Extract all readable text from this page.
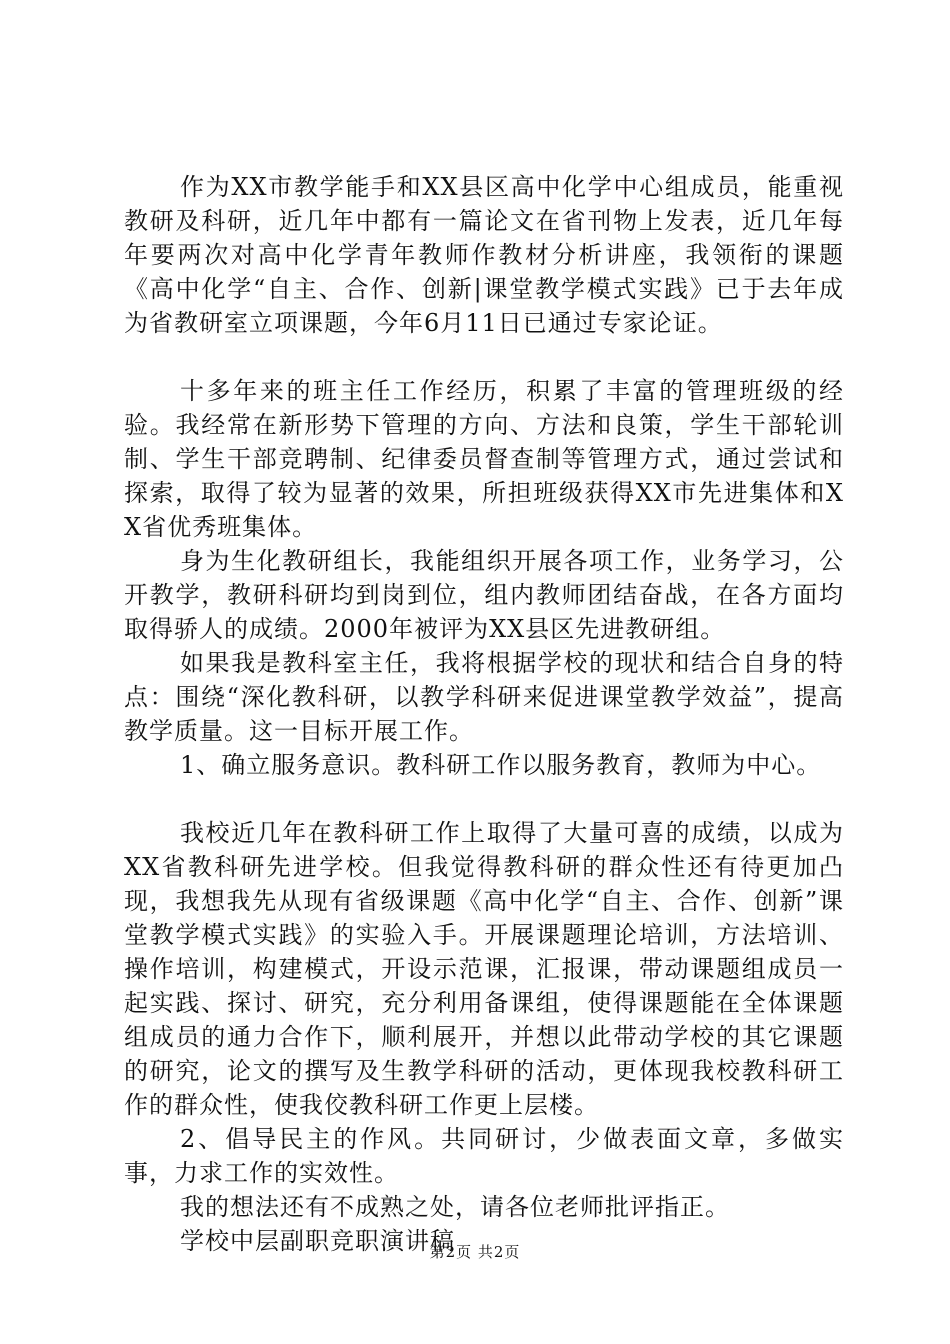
作为XX市教学能手和XX县区高中化学中心组成员，能重视教研及科研，近几年中都有一篇论文在省刊物上发表，近几年每年要两次对高中化学青年教师作教材分析讲座，我领衔的课题《高中化学“自主、合作、创新|课堂教学模式实践》已于去年成为省教研室立项课题，今年6月11日已通过专家论证。

十多年来的班主任工作经历，积累了丰富的管理班级的经验。我经常在新形势下管理的方向、方法和良策，学生干部轮训制、学生干部竞聘制、纪律委员督查制等管理方式，通过尝试和探索，取得了较为显著的效果，所担班级获得XX市先进集体和XX省优秀班集体。

身为生化教研组长，我能组织开展各项工作，业务学习，公开教学，教研科研均到岗到位，组内教师团结奋战，在各方面均取得骄人的成绩。2000年被评为XX县区先进教研组。

如果我是教科室主任，我将根据学校的现状和结合自身的特点：围绕“深化教科研，以教学科研来促进课堂教学效益”，提高教学质量。这一目标开展工作。

1、确立服务意识。教科研工作以服务教育，教师为中心。

我校近几年在教科研工作上取得了大量可喜的成绩，以成为XX省教科研先进学校。但我觉得教科研的群众性还有待更加凸现，我想我先从现有省级课题《高中化学“自主、合作、创新”课堂教学模式实践》的实验入手。开展课题理论培训，方法培训、操作培训，构建模式，开设示范课，汇报课，带动课题组成员一起实践、探讨、研究，充分利用备课组，使得课题能在全体课题组成员的通力合作下，顺利展开，并想以此带动学校的其它课题的研究，论文的撰写及生教学科研的活动，更体现我校教科研工作的群众性，使我佼教科研工作更上层楼。

2、倡导民主的作风。共同研讨，少做表面文章，多做实事，力求工作的实效性。

我的想法还有不成熟之处，请各位老师批评指正。

学校中层副职竞职演讲稿

第2页 共2页
